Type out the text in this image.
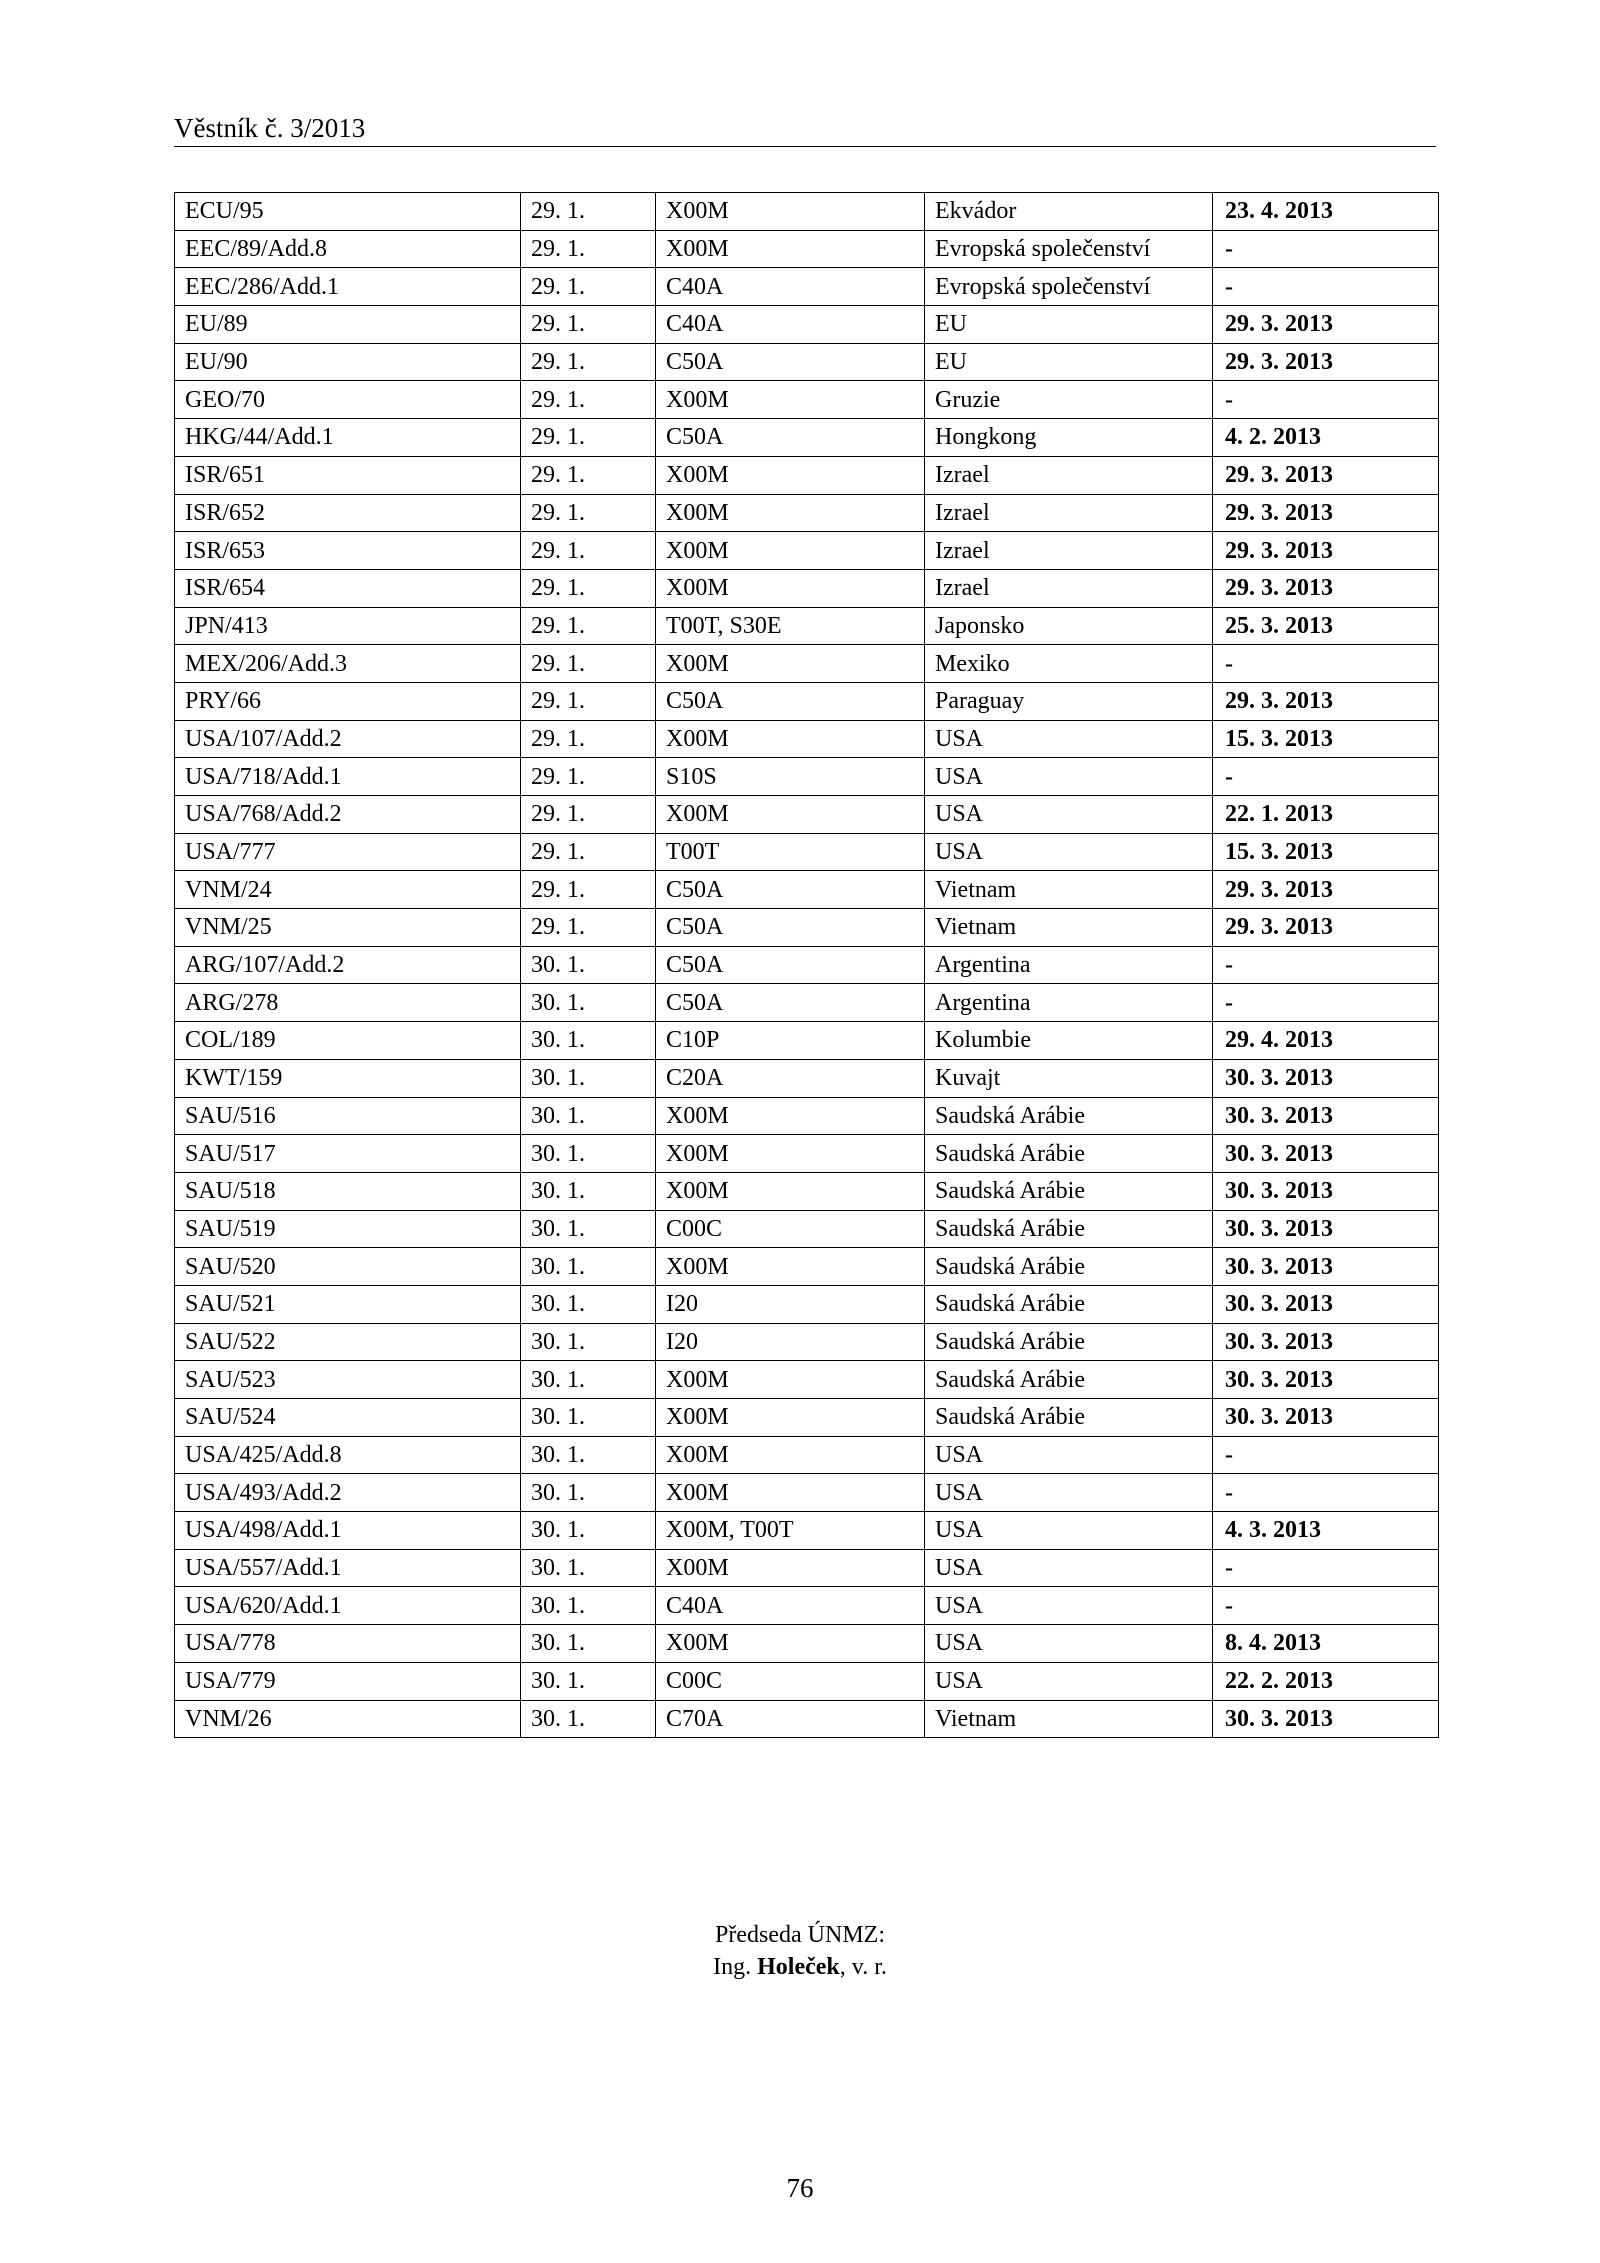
Věstník č. 3/2013
ECU/95	29. 1.	X00M	Ekvádor	23. 4. 2013
EEC/89/Add.8	29. 1.	X00M	Evropská společenství	-
EEC/286/Add.1	29. 1.	C40A	Evropská společenství	-
EU/89	29. 1.	C40A	EU	29. 3. 2013
EU/90	29. 1.	C50A	EU	29. 3. 2013
GEO/70	29. 1.	X00M	Gruzie	-
HKG/44/Add.1	29. 1.	C50A	Hongkong	4. 2. 2013
ISR/651	29. 1.	X00M	Izrael	29. 3. 2013
ISR/652	29. 1.	X00M	Izrael	29. 3. 2013
ISR/653	29. 1.	X00M	Izrael	29. 3. 2013
ISR/654	29. 1.	X00M	Izrael	29. 3. 2013
JPN/413	29. 1.	T00T, S30E	Japonsko	25. 3. 2013
MEX/206/Add.3	29. 1.	X00M	Mexiko	-
PRY/66	29. 1.	C50A	Paraguay	29. 3. 2013
USA/107/Add.2	29. 1.	X00M	USA	15. 3. 2013
USA/718/Add.1	29. 1.	S10S	USA	-
USA/768/Add.2	29. 1.	X00M	USA	22. 1. 2013
USA/777	29. 1.	T00T	USA	15. 3. 2013
VNM/24	29. 1.	C50A	Vietnam	29. 3. 2013
VNM/25	29. 1.	C50A	Vietnam	29. 3. 2013
ARG/107/Add.2	30. 1.	C50A	Argentina	-
ARG/278	30. 1.	C50A	Argentina	-
COL/189	30. 1.	C10P	Kolumbie	29. 4. 2013
KWT/159	30. 1.	C20A	Kuvajt	30. 3. 2013
SAU/516	30. 1.	X00M	Saudská Arábie	30. 3. 2013
SAU/517	30. 1.	X00M	Saudská Arábie	30. 3. 2013
SAU/518	30. 1.	X00M	Saudská Arábie	30. 3. 2013
SAU/519	30. 1.	C00C	Saudská Arábie	30. 3. 2013
SAU/520	30. 1.	X00M	Saudská Arábie	30. 3. 2013
SAU/521	30. 1.	I20	Saudská Arábie	30. 3. 2013
SAU/522	30. 1.	I20	Saudská Arábie	30. 3. 2013
SAU/523	30. 1.	X00M	Saudská Arábie	30. 3. 2013
SAU/524	30. 1.	X00M	Saudská Arábie	30. 3. 2013
USA/425/Add.8	30. 1.	X00M	USA	-
USA/493/Add.2	30. 1.	X00M	USA	-
USA/498/Add.1	30. 1.	X00M, T00T	USA	4. 3. 2013
USA/557/Add.1	30. 1.	X00M	USA	-
USA/620/Add.1	30. 1.	C40A	USA	-
USA/778	30. 1.	X00M	USA	8. 4. 2013
USA/779	30. 1.	C00C	USA	22. 2. 2013
VNM/26	30. 1.	C70A	Vietnam	30. 3. 2013
Předseda ÚNMZ:
Ing. Holeček, v. r.
76
